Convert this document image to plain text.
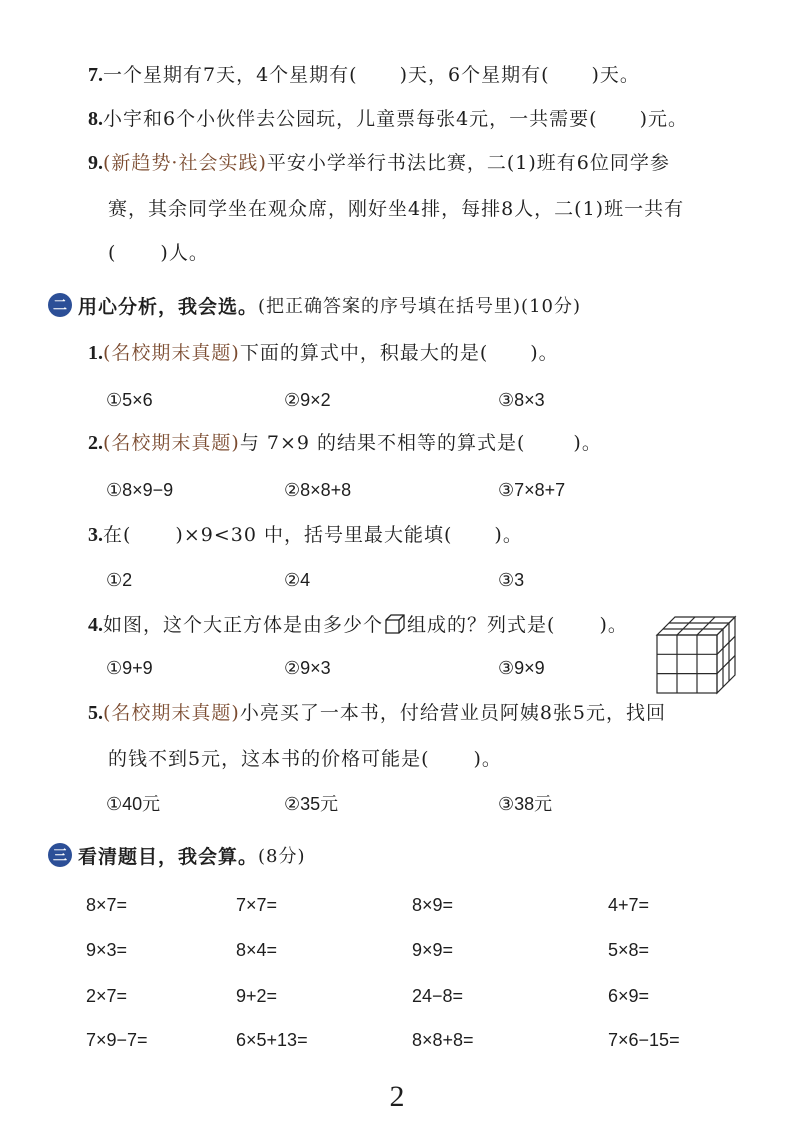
7.一个星期有7天，4个星期有( )天，6个星期有( )天。
8.小宇和6个小伙伴去公园玩，儿童票每张4元，一共需要( )元。
9.(新趋势·社会实践)平安小学举行书法比赛，二(1)班有6位同学参
赛，其余同学坐在观众席，刚好坐4排，每排8人，二(1)班一共有
( )人。
二 用心分析，我会选。 (把正确答案的序号填在括号里)(10分)
1.(名校期末真题)下面的算式中，积最大的是( )。
①5×6	②9×2	③8×3
2.(名校期末真题)与 7×9 的结果不相等的算式是(	)。
①8×9−9	②8×8+8	③7×8+7
3.在( )×9<30 中，括号里最大能填( )。
①2	②4	③3
4.如图，这个大正方体是由多少个 组成的？列式是( )。
①9+9	②9×3	③9×9
5.(名校期末真题)小亮买了一本书，付给营业员阿姨8张5元，找回
的钱不到5元，这本书的价格可能是( )。
①40元	②35元	③38元
三 看清题目，我会算。 (8分)
8×7=	7×7=	8×9=	4+7=
9×3=	8×4=	9×9=	5×8=
2×7=	9+2=	24−8=	6×9=
7×9−7=	6×5+13=	8×8+8=	7×6−15=
2
